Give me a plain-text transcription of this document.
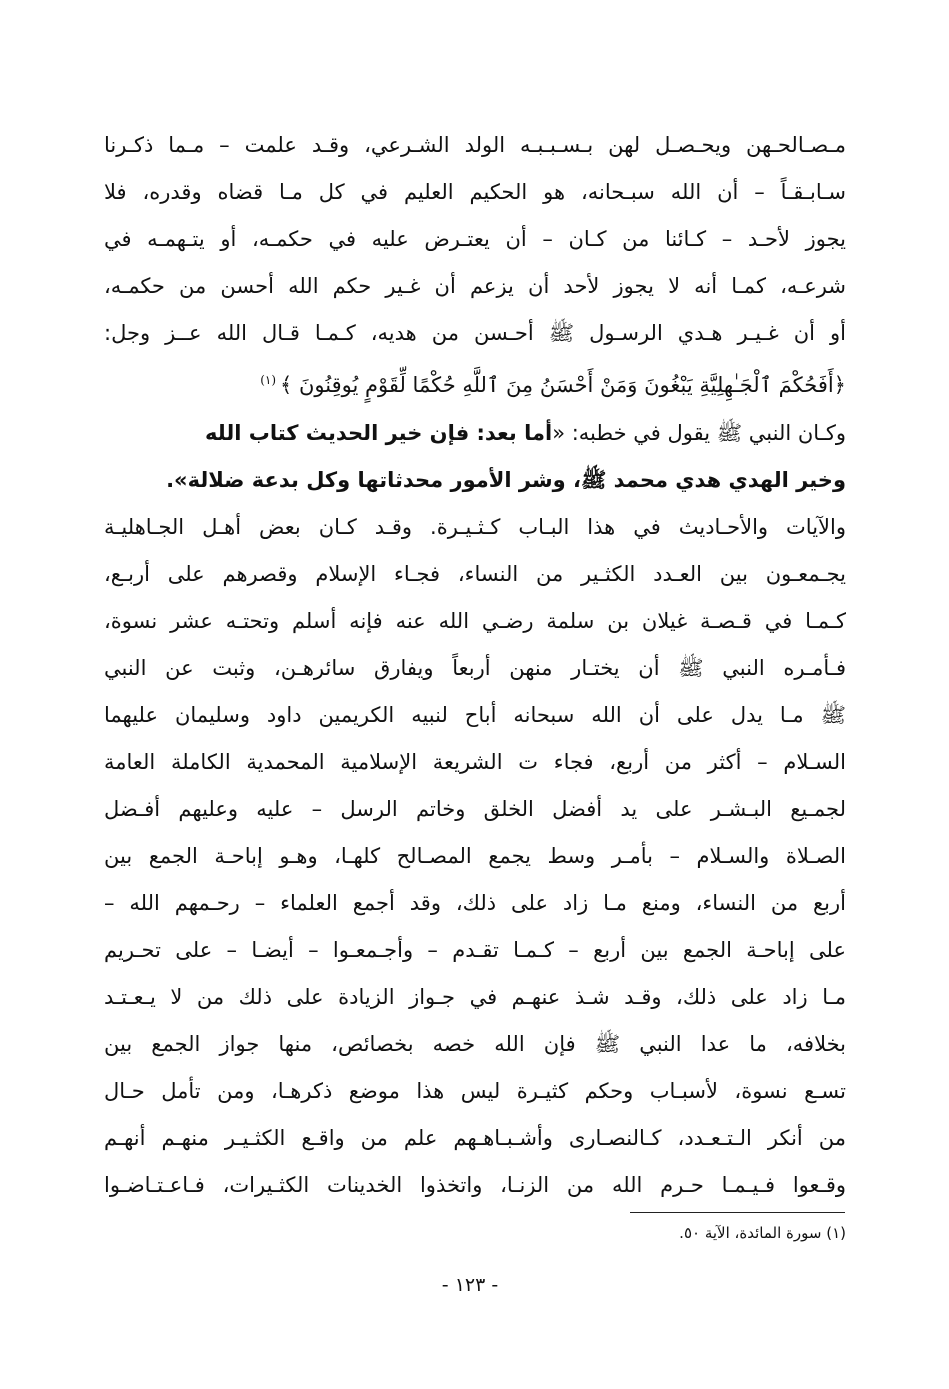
مـصـالحـهن ويحـصـل لهن بـسـبـبـه الولد الشـرعي، وقـد علمت – مـما ذكـرنا
سـابـقـاً – أن الله سبـحانه، هو الحكيم العليم في كل مـا قضاه وقدره، فلا
يجوز لأحـد – كـائنا من كـان – أن يعتـرض عليه في حكمـه، أو يتـهمـه في
شرعـه، كمـا أنه لا يجوز لأحد أن يزعم أن غـير حكم الله أحسن من حكمـه،
أو أن غـيـر هـدي الرسـول ﷺ أحـسن من هديه، كـمـا قـال الله عــز وجل:
﴿أَفَحُكْمَ ٱلْجَـٰهِلِيَّةِ يَبْغُونَ وَمَنْ أَحْسَنُ مِنَ ٱللَّهِ حُكْمًا لِّقَوْمٍ يُوقِنُونَ ﴾$^{(١)}$
وكـان النبي ﷺ يقول في خطبه: «أما بعد: فإن خير الحديث كتاب الله
وخير الهدي هدي محمد ﷺ، وشر الأمور محدثاتها وكل بدعة ضلالة».
والآيات والأحـاديث في هذا البـاب كـثـيـرة. وقـد كـان بعض أهـل الجـاهليـة
يجـمعـون بين العـدد الكثـير من النساء، فجـاء الإسلام وقصرهم على أربـع،
كـمـا في قـصـة غيلان بن سلمة رضـي الله عنه فإنه أسلم وتحتـه عشر نسوة،
فـأمـره النبي ﷺ أن يختـار منهن أربعاً ويفارق سائرهـن، وثبت عن النبي
ﷺ مـا يدل على أن الله سبحانه أباح لنبيه الكريمين داود وسليمان عليهما
السـلام – أكثر من أربع، فجاء ت الشريعة الإسلامية المحمدية الكاملة العامة
لجمـيع البـشـر على يد أفضل الخلق وخاتم الرسل – عليه وعليهم أفـضل
الصـلاة والسـلام – بأمـر وسط يجمع المصـالح كلهـا، وهـو إباحـة الجمع بين
أربع من النساء، ومنع مـا زاد على ذلك، وقد أجمع العلماء – رحـمهم الله –
على إباحـة الجمع بين أربع – كـمـا تقـدم – وأجـمعـوا – أيضـا – على تحـريم
مـا زاد على ذلك، وقـد شـذ عنهـم في جـواز الزيادة على ذلك من لا يـعـتـد
بخلافه، ما عدا النبي ﷺ فإن الله خصه بخصائص، منها جواز الجمع بين
تسـع نسوة، لأسبـاب وحكم كثيـرة ليس هذا موضع ذكرهـا، ومن تأمل حـال
من أنكر الـتـعـدد، كـالنصـارى وأشـبـاهـهم علم من واقـع الكثـيـر منهـم أنهـم
وقـعوا فـيـمـا حـرم الله من الزنـا، واتخذوا الخدينات الكثـيرات، فـاعـتـاضـوا
(١) سورة المائدة، الآية ٥٠.
- ١٢٣ -
